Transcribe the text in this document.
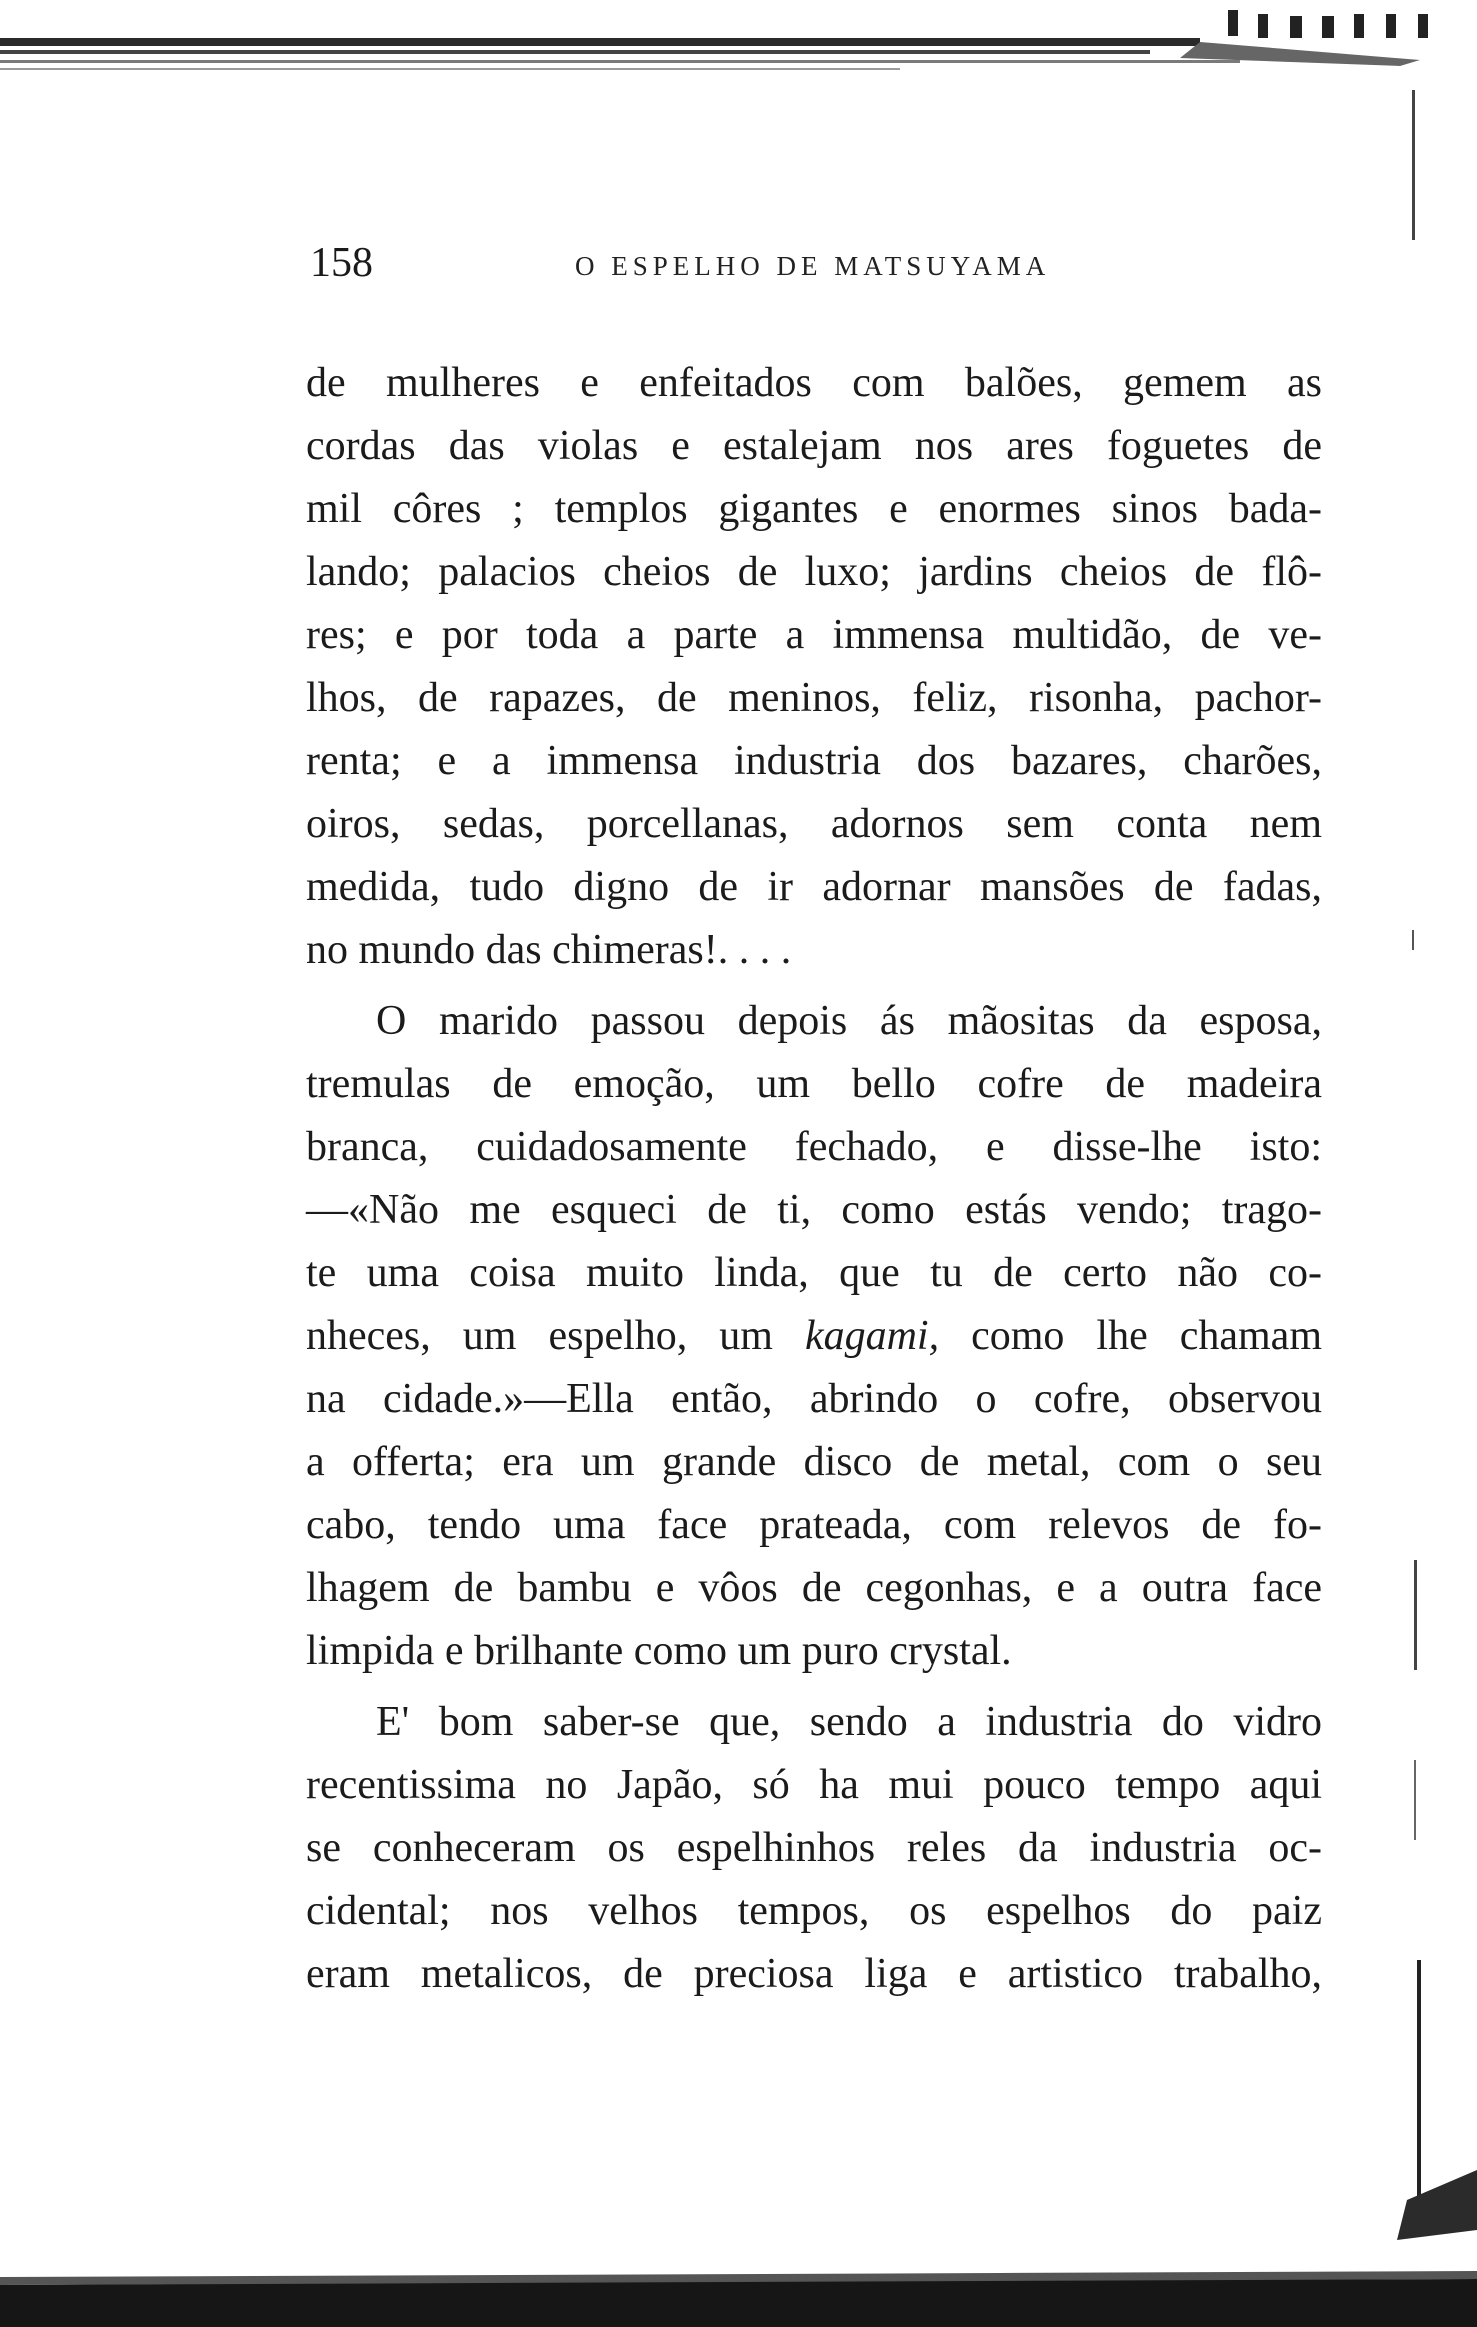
158	O ESPELHO DE MATSUYAMA
de mulheres e enfeitados com balões, gemem as
cordas das violas e estalejam nos ares foguetes de
mil côres ; templos gigantes e enormes sinos bada-
lando; palacios cheios de luxo; jardins cheios de flô-
res; e por toda a parte a immensa multidão, de ve-
lhos, de rapazes, de meninos, feliz, risonha, pachor-
renta; e a immensa industria dos bazares, charões,
oiros, sedas, porcellanas, adornos sem conta nem
medida, tudo digno de ir adornar mansões de fadas,
no mundo das chimeras!. . . .
O marido passou depois ás mãositas da esposa,
tremulas de emoção, um bello cofre de madeira
branca, cuidadosamente fechado, e disse-lhe isto:
—«Não me esqueci de ti, como estás vendo; trago-
te uma coisa muito linda, que tu de certo não co-
nheces, um espelho, um kagami, como lhe chamam
na cidade.»—Ella então, abrindo o cofre, observou
a offerta; era um grande disco de metal, com o seu
cabo, tendo uma face prateada, com relevos de fo-
lhagem de bambu e vôos de cegonhas, e a outra face
limpida e brilhante como um puro crystal.
E' bom saber-se que, sendo a industria do vidro
recentissima no Japão, só ha mui pouco tempo aqui
se conheceram os espelhinhos reles da industria oc-
cidental; nos velhos tempos, os espelhos do paiz
eram metalicos, de preciosa liga e artistico trabalho,
